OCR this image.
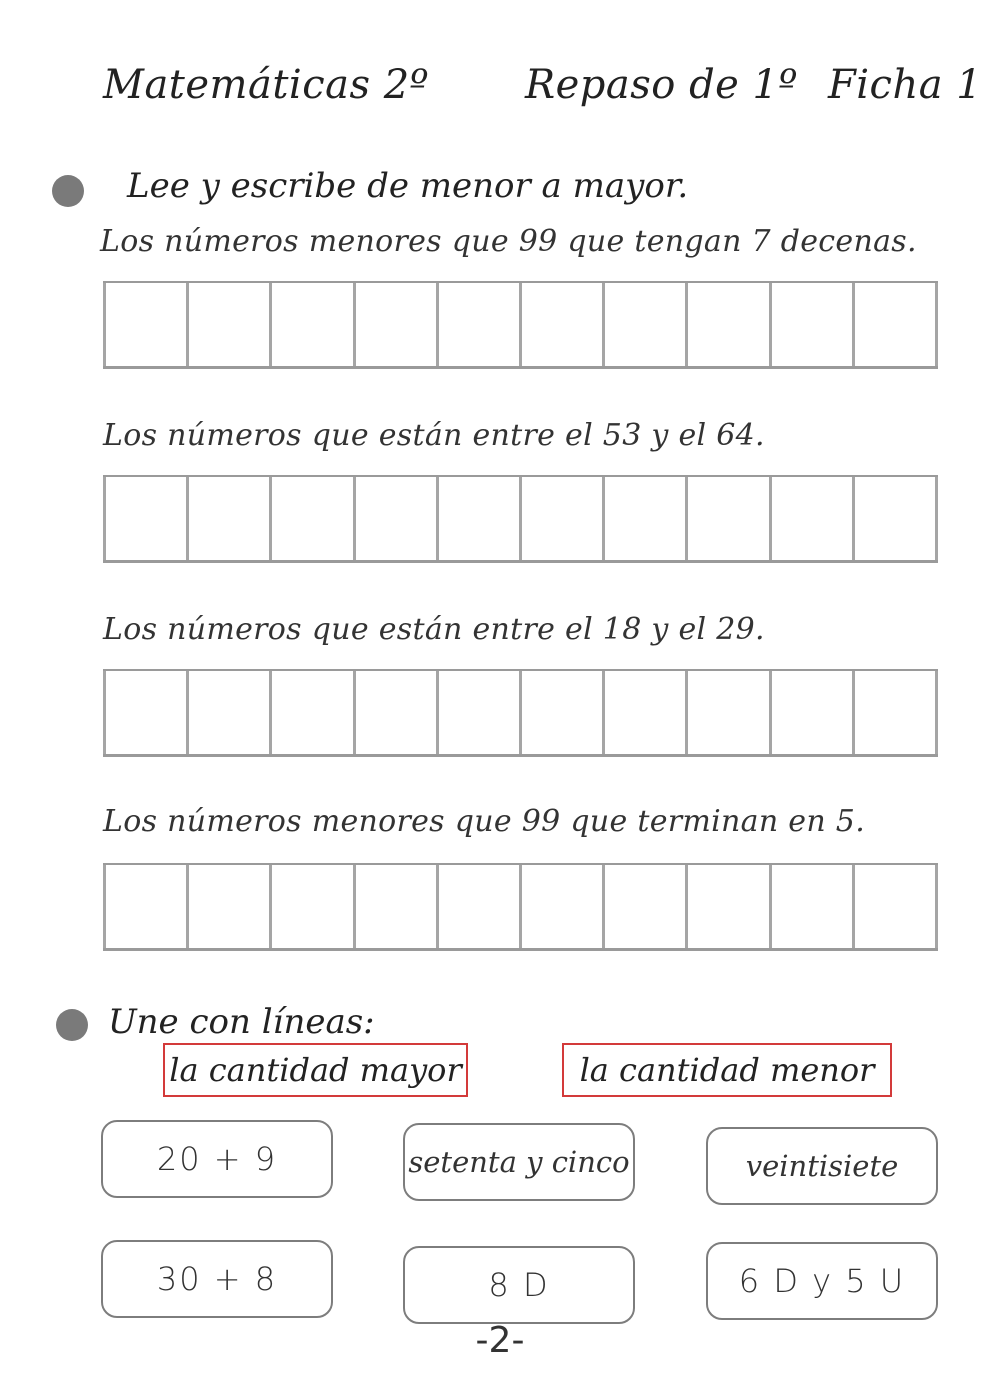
Matemáticas 2º Repaso de 1º Ficha 1
Lee y escribe de menor a mayor.
Los números menores que 99 que tengan 7 decenas.
Los números que están entre el 53 y el 64.
Los números que están entre el 18 y el 29.
Los números menores que 99 que terminan en 5.
Une con líneas:
la cantidad mayor	la cantidad menor
20 + 9	setenta y cinco	veintisiete
30 + 8	8 D	6 D y 5 U
-2-
